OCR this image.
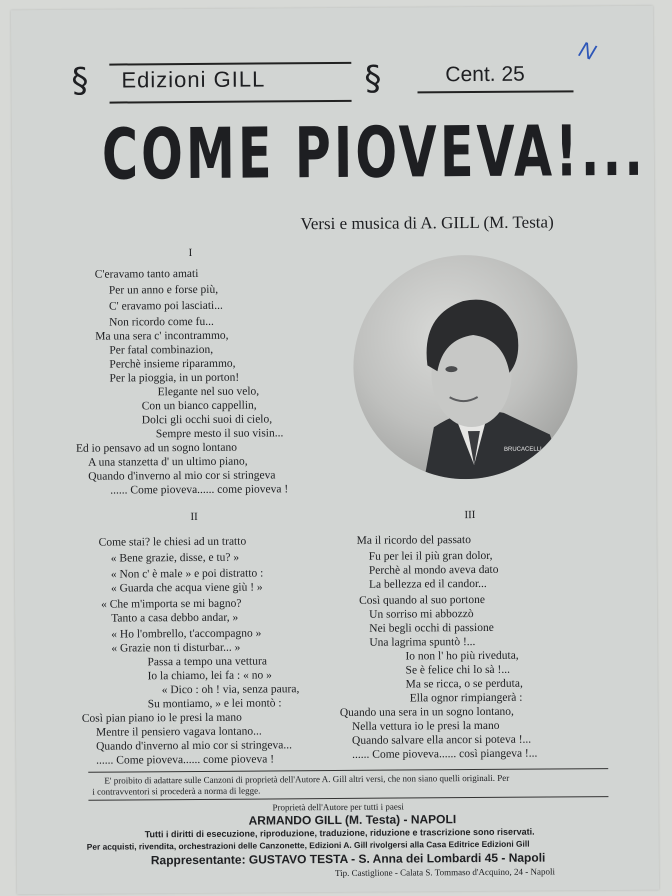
§	§
Edizioni GILL	Cent. 25
N
COME PIOVEVA!...
Versi e musica di A. GILL (M. Testa)
BRUCACELLI
I
C'eravamo tanto amati
Per un anno e forse più,
C' eravamo poi lasciati...
Non ricordo come fu...
Ma una sera c' incontrammo,
Per fatal combinazion,
Perchè insieme riparammo,
Per la pioggia, in un porton!
Elegante nel suo velo,
Con un bianco cappellin,
Dolci gli occhi suoi di cielo,
Sempre mesto il suo visin...
Ed io pensavo ad un sogno lontano
A una stanzetta d' un ultimo piano,
Quando d'inverno al mio cor si stringeva
...... Come pioveva...... come pioveva !
II
Come stai? le chiesi ad un tratto
« Bene grazie, disse, e tu? »
« Non c' è male » e poi distratto :
« Guarda che acqua viene giù ! »
« Che m'importa se mi bagno?
Tanto a casa debbo andar, »
« Ho l'ombrello, t'accompagno »
« Grazie non ti disturbar... »
Passa a tempo una vettura
Io la chiamo, lei fa : « no »
« Dico : oh ! via, senza paura,
Su montiamo, » e lei montò :
Così pian piano io le presi la mano
Mentre il pensiero vagava lontano...
Quando d'inverno al mio cor si stringeva...
...... Come pioveva...... come pioveva !
III
Ma il ricordo del passato
Fu per lei il più gran dolor,
Perchè al mondo aveva dato
La bellezza ed il candor...
Così quando al suo portone
Un sorriso mi abbozzò
Nei begli occhi di passione
Una lagrima spuntò !...
Io non l' ho più riveduta,
Se è felice chi lo sà !...
Ma se ricca, o se perduta,
Ella ognor rimpiangerà :
Quando una sera in un sogno lontano,
Nella vettura io le presi la mano
Quando salvare ella ancor si poteva !...
...... Come pioveva...... così piangeva !...
E' proibito di adattare sulle Canzoni di proprietà dell'Autore A. Gill altri versi, che non siano quelli originali. Per
i contravventori si procederà a norma di legge.
Proprietà dell'Autore per tutti i paesi
ARMANDO GILL (M. Testa) - NAPOLI
Tutti i diritti di esecuzione, riproduzione, traduzione, riduzione e trascrizione sono riservati.
Per acquisti, rivendita, orchestrazioni delle Canzonette, Edizioni A. Gill rivolgersi alla Casa Editrice Edizioni Gill
Rappresentante: GUSTAVO TESTA - S. Anna dei Lombardi 45 - Napoli
Tip. Castiglione - Calata S. Tommaso d'Acquino, 24 - Napoli
